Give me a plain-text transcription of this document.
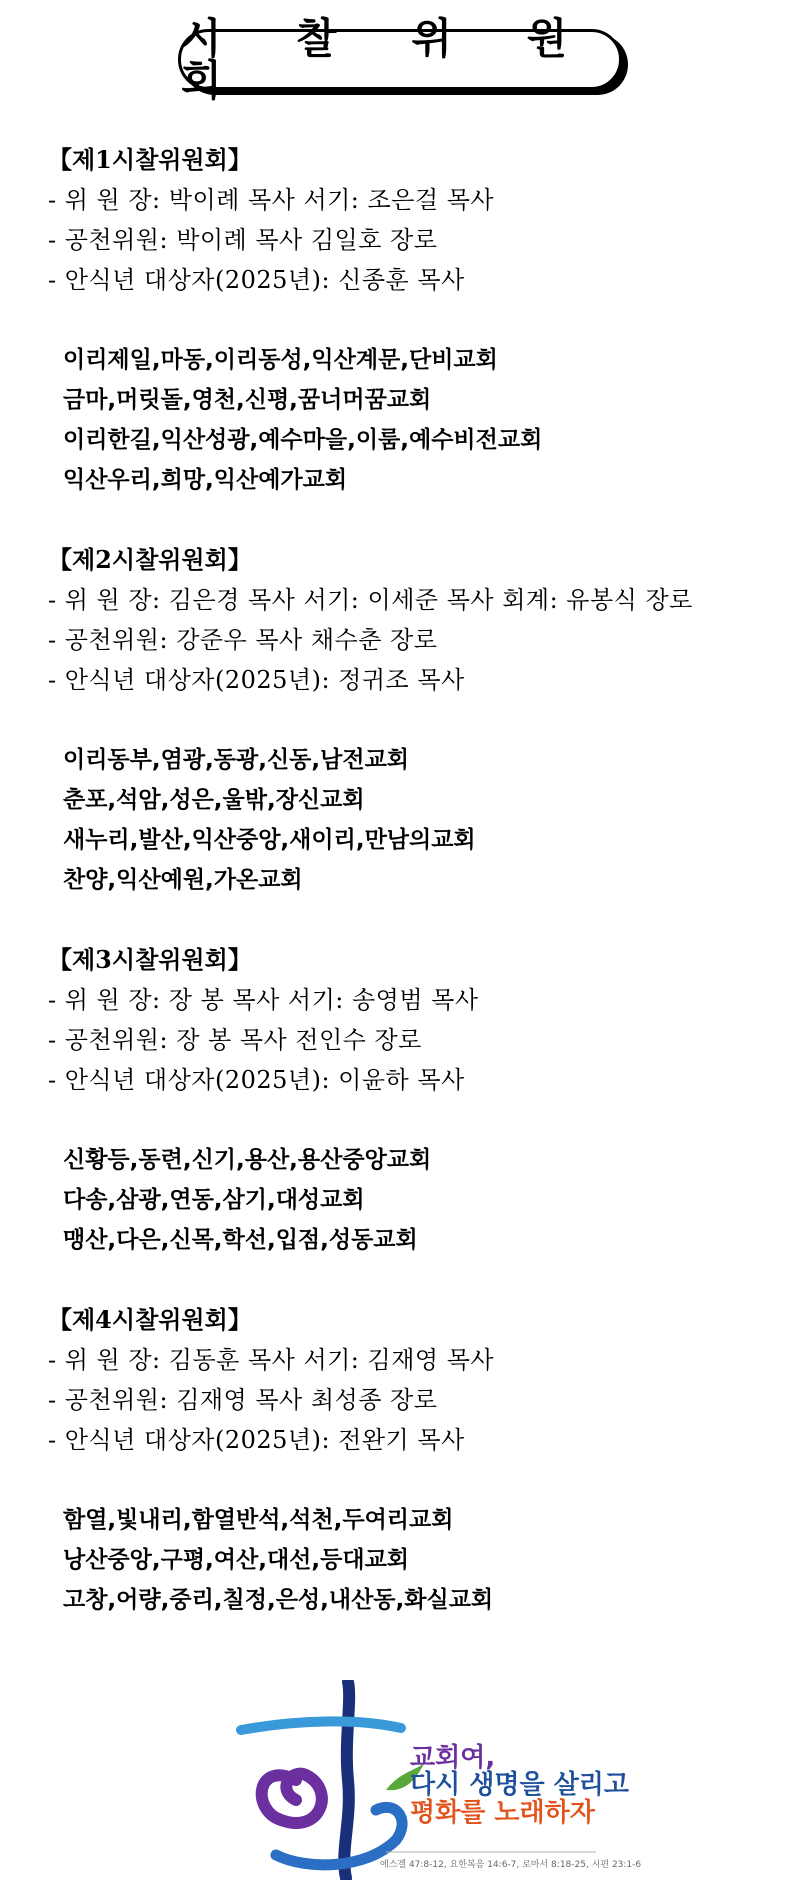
시 찰 위 원 회
【제1시찰위원회】
- 위 원 장: 박이례 목사 서기: 조은걸 목사
- 공천위원: 박이례 목사 김일호 장로
- 안식년 대상자(2025년): 신종훈 목사
이리제일,마동,이리동성,익산계문,단비교회
금마,머릿돌,영천,신평,꿈너머꿈교회
이리한길,익산성광,예수마을,이룸,예수비전교회
익산우리,희망,익산예가교회
【제2시찰위원회】
- 위 원 장: 김은경 목사 서기: 이세준 목사 회계: 유봉식 장로
- 공천위원: 강준우 목사 채수춘 장로
- 안식년 대상자(2025년): 정귀조 목사
이리동부,염광,동광,신동,남전교회
춘포,석암,성은,울밖,장신교회
새누리,발산,익산중앙,새이리,만남의교회
찬양,익산예원,가온교회
【제3시찰위원회】
- 위 원 장: 장 봉 목사 서기: 송영범 목사
- 공천위원: 장 봉 목사 전인수 장로
- 안식년 대상자(2025년): 이윤하 목사
신황등,동련,신기,용산,용산중앙교회
다송,삼광,연동,삼기,대성교회
맹산,다은,신목,학선,입점,성동교회
【제4시찰위원회】
- 위 원 장: 김동훈 목사 서기: 김재영 목사
- 공천위원: 김재영 목사 최성종 장로
- 안식년 대상자(2025년): 전완기 목사
함열,빛내리,함열반석,석천,두여리교회
낭산중앙,구평,여산,대선,등대교회
고창,어량,중리,칠정,은성,내산동,화실교회
교회여,
다시 생명을 살리고
평화를 노래하자
에스겔 47:8-12, 요한복음 14:6-7, 로마서 8:18-25, 시편 23:1-6
